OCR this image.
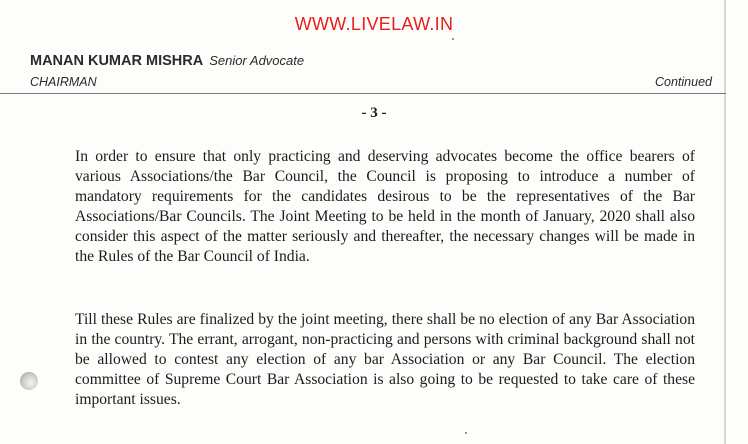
WWW.LIVELAW.IN
MANAN KUMAR MISHRA Senior Advocate
CHAIRMAN	Continued
- 3 -

In order to ensure that only practicing and deserving advocates become the office bearers of various Associations/the Bar Council, the Council is proposing to introduce a number of mandatory requirements for the candidates desirous to be the representatives of the Bar Associations/Bar Councils. The Joint Meeting to be held in the month of January, 2020 shall also consider this aspect of the matter seriously and thereafter, the necessary changes will be made in the Rules of the Bar Council of India.

Till these Rules are finalized by the joint meeting, there shall be no election of any Bar Association in the country. The errant, arrogant, non-practicing and persons with criminal background shall not be allowed to contest any election of any bar Association or any Bar Council. The election committee of Supreme Court Bar Association is also going to be requested to take care of these important issues.
